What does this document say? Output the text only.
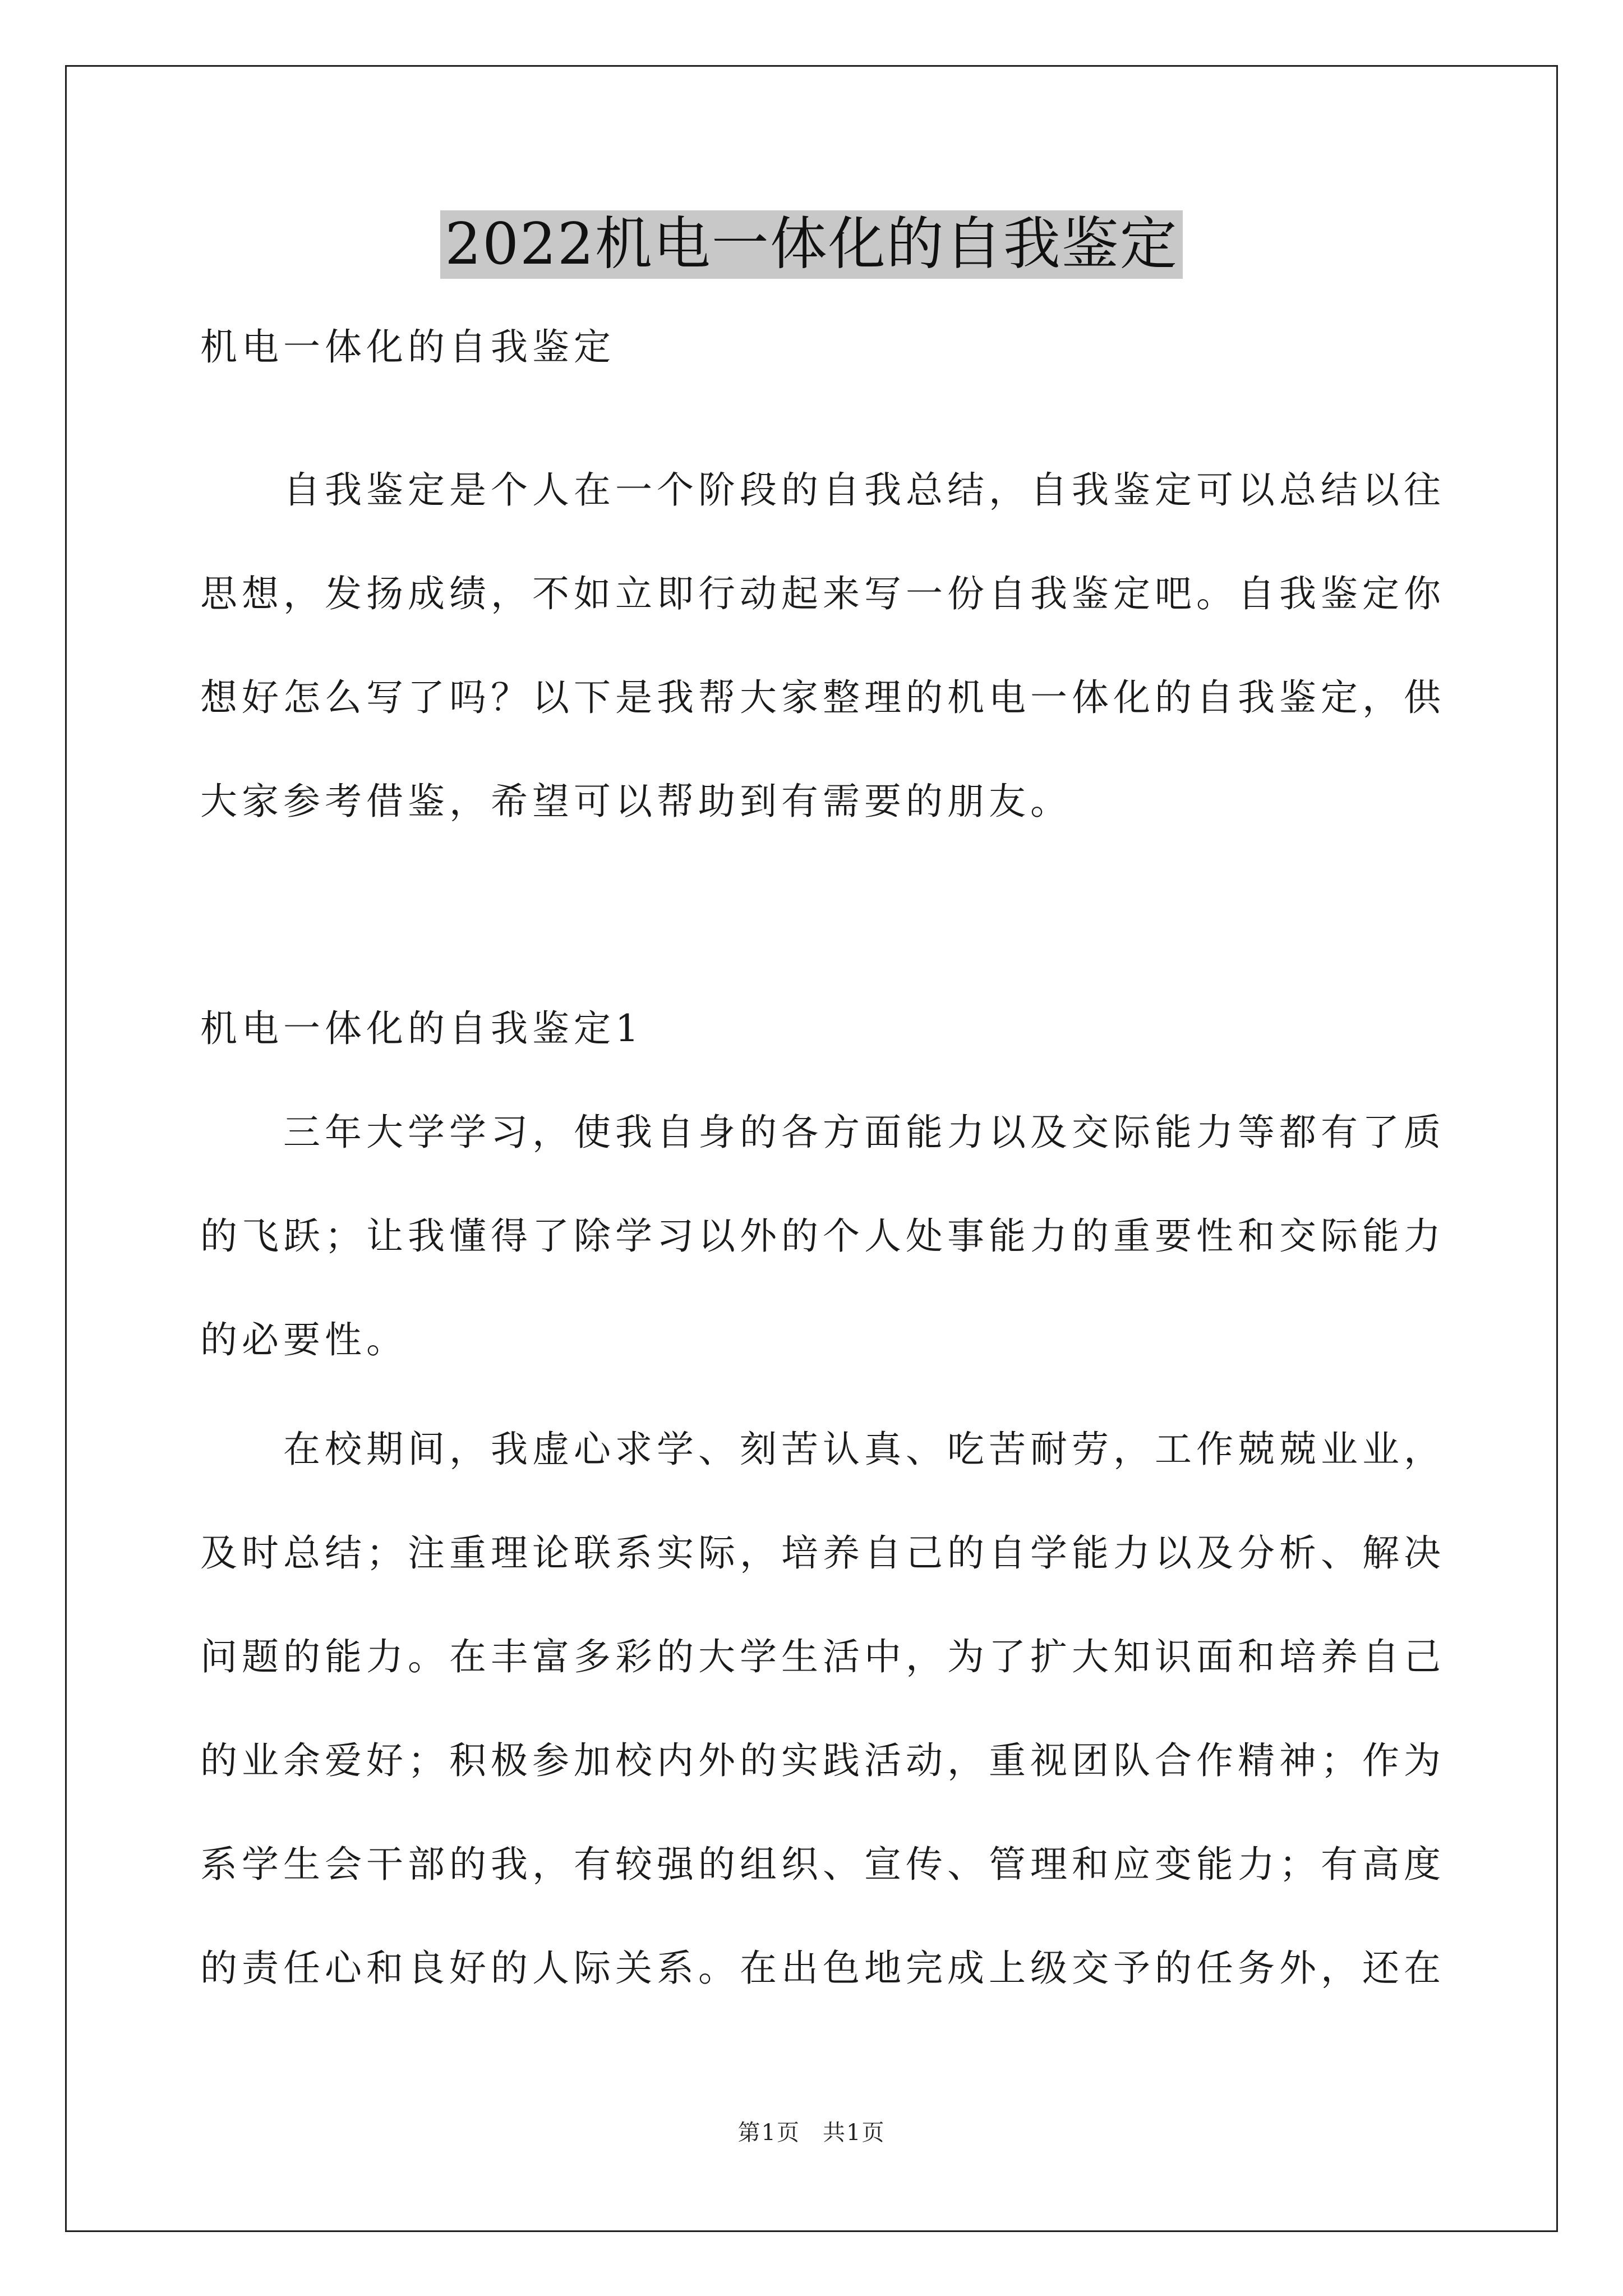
2022机电一体化的自我鉴定
机电一体化的自我鉴定
　　自我鉴定是个人在一个阶段的自我总结，自我鉴定可以总结以往
思想，发扬成绩，不如立即行动起来写一份自我鉴定吧。自我鉴定你
想好怎么写了吗？以下是我帮大家整理的机电一体化的自我鉴定，供
大家参考借鉴，希望可以帮助到有需要的朋友。
机电一体化的自我鉴定1
　　三年大学学习，使我自身的各方面能力以及交际能力等都有了质
的飞跃；让我懂得了除学习以外的个人处事能力的重要性和交际能力
的必要性。
　　在校期间，我虚心求学、刻苦认真、吃苦耐劳，工作兢兢业业，
及时总结；注重理论联系实际，培养自己的自学能力以及分析、解决
问题的能力。在丰富多彩的大学生活中，为了扩大知识面和培养自己
的业余爱好；积极参加校内外的实践活动，重视团队合作精神；作为
系学生会干部的我，有较强的组织、宣传、管理和应变能力；有高度
的责任心和良好的人际关系。在出色地完成上级交予的任务外，还在
第1页 共1页
